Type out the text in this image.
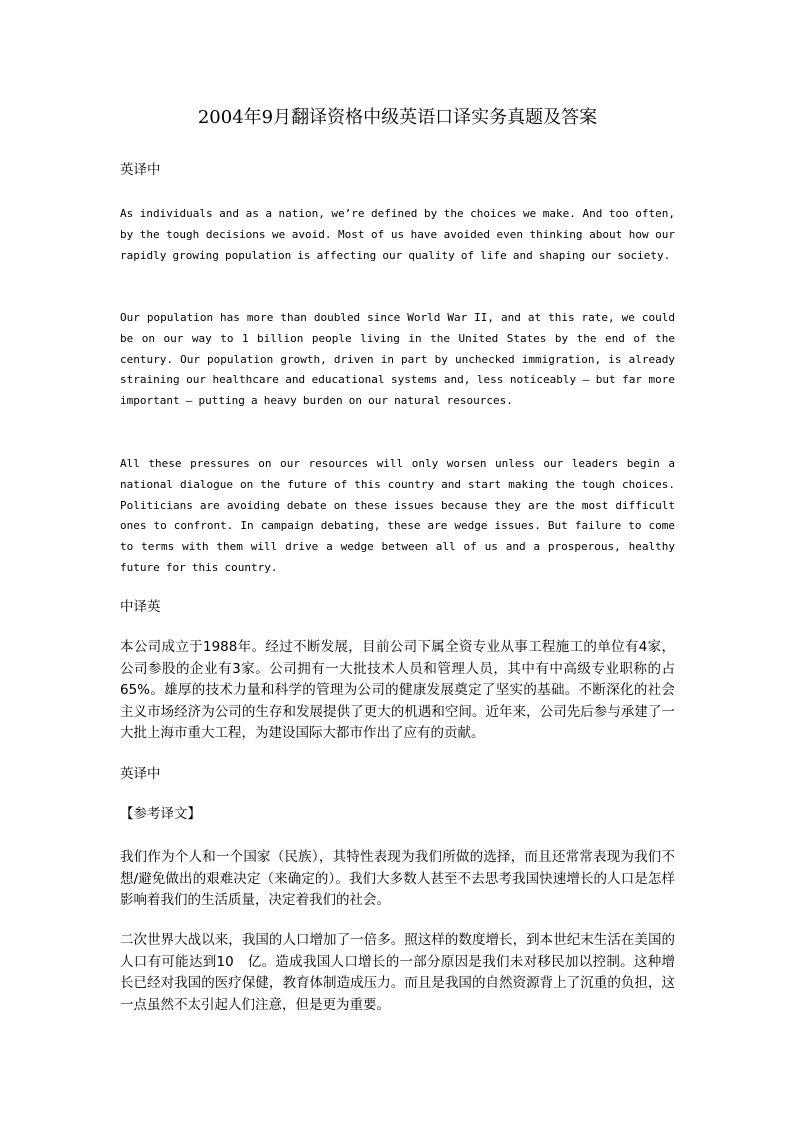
2004年9月翻译资格中级英语口译实务真题及答案
英译中
As individuals and as a nation, we’re defined by the choices we make. And too often, by the tough decisions we avoid. Most of us have avoided even thinking about how our rapidly growing population is affecting our quality of life and shaping our society.
Our population has more than doubled since World War II, and at this rate, we could be on our way to 1 billion people living in the United States by the end of the century. Our population growth, driven in part by unchecked immigration, is already straining our healthcare and educational systems and, less noticeably — but far more important — putting a heavy burden on our natural resources.
All these pressures on our resources will only worsen unless our leaders begin a national dialogue on the future of this country and start making the tough choices. Politicians are avoiding debate on these issues because they are the most difficult ones to confront. In campaign debating, these are wedge issues. But failure to come to terms with them will drive a wedge between all of us and a prosperous, healthy future for this country.
中译英
本公司成立于1988年。经过不断发展，目前公司下属全资专业从事工程施工的单位有4家，公司参股的企业有3家。公司拥有一大批技术人员和管理人员，其中有中高级专业职称的占65%。雄厚的技术力量和科学的管理为公司的健康发展奠定了坚实的基础。不断深化的社会主义市场经济为公司的生存和发展提供了更大的机遇和空间。近年来，公司先后参与承建了一大批上海市重大工程，为建设国际大都市作出了应有的贡献。
英译中
【参考译文】
我们作为个人和一个国家（民族），其特性表现为我们所做的选择，而且还常常表现为我们不想/避免做出的艰难决定（来确定的）。我们大多数人甚至不去思考我国快速增长的人口是怎样影响着我们的生活质量，决定着我们的社会。
二次世界大战以来，我国的人口增加了一倍多。照这样的数度增长，到本世纪末生活在美国的人口有可能达到10　亿。造成我国人口增长的一部分原因是我们未对移民加以控制。这种增长已经对我国的医疗保健，教育体制造成压力。而且是我国的自然资源背上了沉重的负担，这一点虽然不太引起人们注意，但是更为重要。
